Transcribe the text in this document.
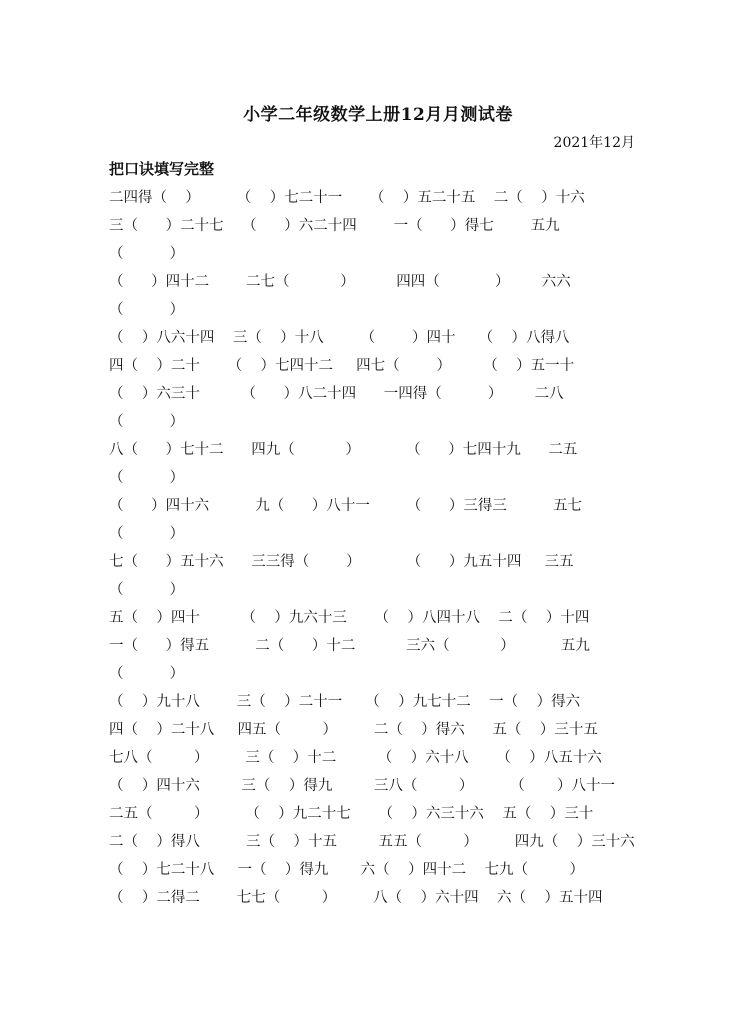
小学二年级数学上册12月月测试卷
2021年12月
把口诀填写完整
二四得（    ）        （    ）七二十一      （    ）五二十五    二（    ）十六
三（      ）二十七    （      ）六二十四        一（      ）得七        五九
（          ）
（      ）四十二        二七（           ）         四四（            ）       六六
（          ）
（    ）八六十四    三（    ）十八        （        ）四十     （    ）八得八
四（    ）二十      （    ）七四十二     四七（        ）       （    ）五一十
（    ）六三十         （      ）八二十四      一四得（          ）       二八
（          ）
八（      ）七十二      四九（           ）          （      ）七四十九      二五
（          ）
（      ）四十六          九（      ）八十一        （      ）三得三          五七
（          ）
七（      ）五十六      三三得（        ）          （      ）九五十四     三五
（          ）
五（    ）四十         （    ）九六十三      （    ）八四十八    二（    ）十四
一（      ）得五          二（      ）十二           三六（           ）          五九
（          ）
（    ）九十八        三（    ）二十一     （    ）九七十二    一（    ）得六
四（    ）二十八     四五（         ）        二（    ）得六      五（    ）三十五
七八（         ）        三（    ）十二         （    ）六十八      （    ）八五十六
（    ）四十六         三（    ）得九         三八（         ）        （       ）八十一
二五（         ）        （    ）九二十七      （    ）六三十六    五（    ）三十
二（    ）得八          三（    ）十五         五五（         ）        四九（    ）三十六
（    ）七二十八     一（    ）得九       六（    ）四十二    七九（         ）
（    ）二得二        七七（         ）        八（    ）六十四    六（    ）五十四
